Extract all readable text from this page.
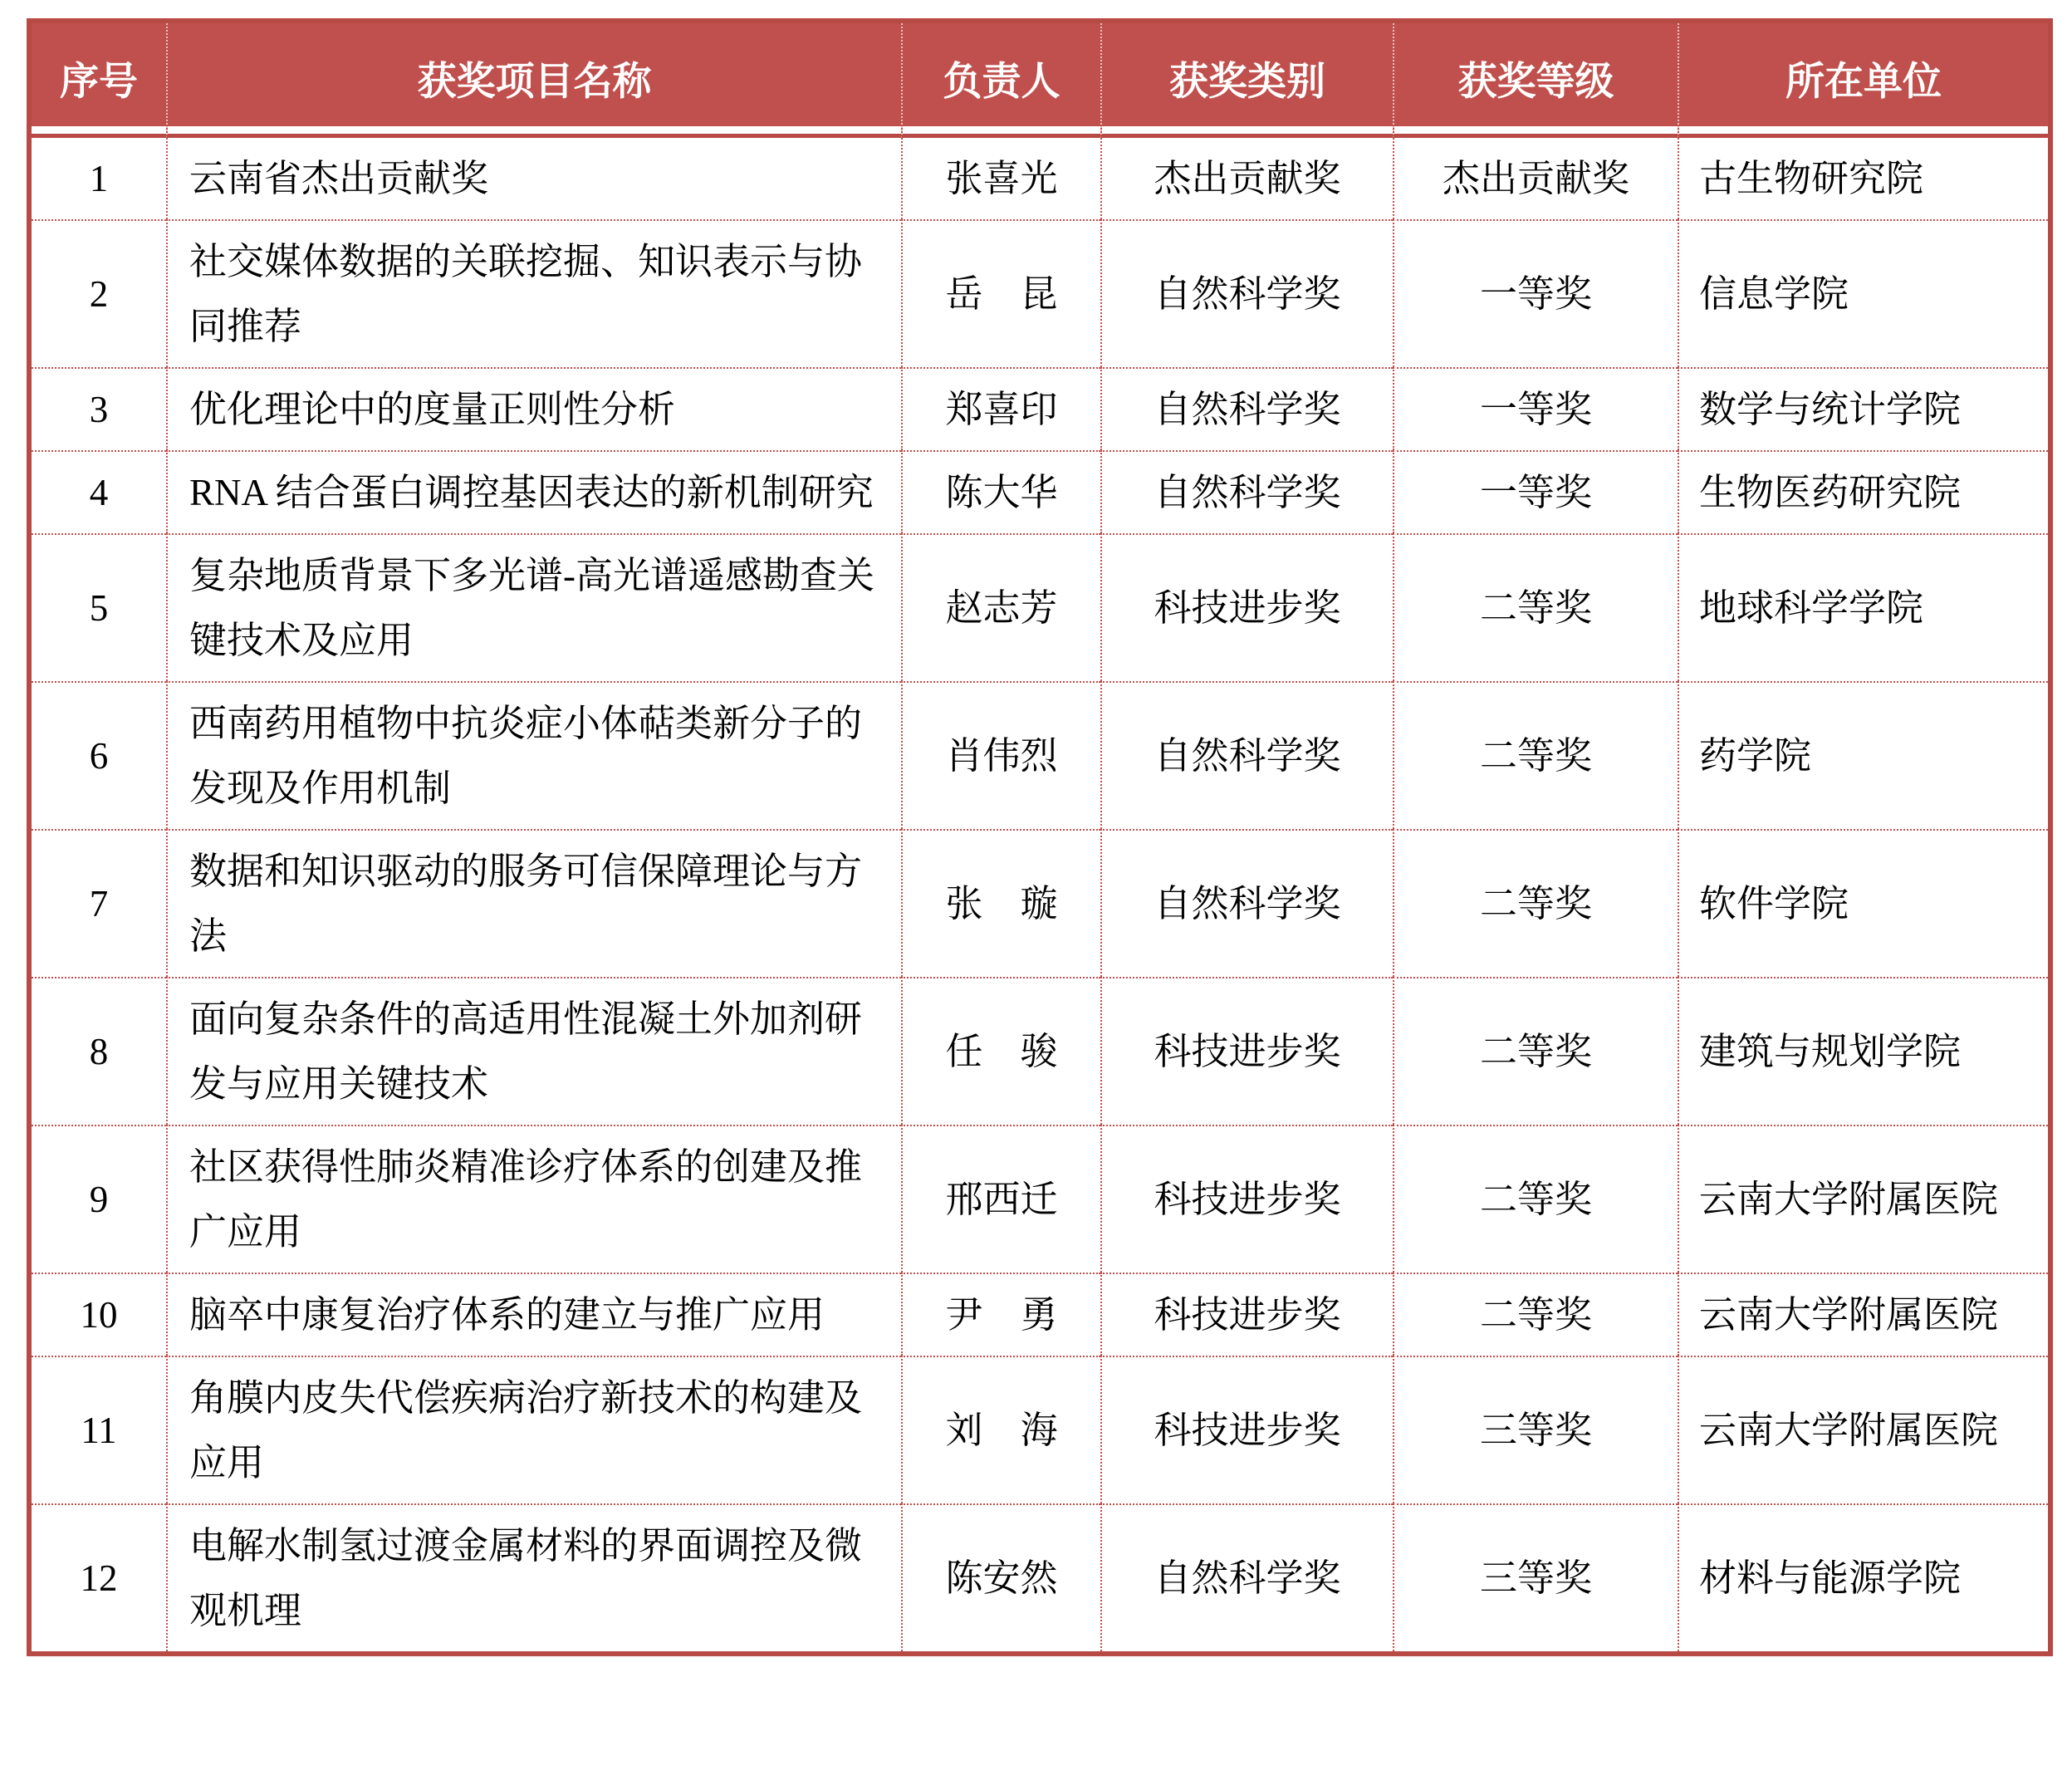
序号	获奖项目名称	负责人	获奖类别	获奖等级	所在单位
1	云南省杰出贡献奖	张喜光	杰出贡献奖	杰出贡献奖	古生物研究院
2	社交媒体数据的关联挖掘、知识表示与协同推荐	岳　昆	自然科学奖	一等奖	信息学院
3	优化理论中的度量正则性分析	郑喜印	自然科学奖	一等奖	数学与统计学院
4	RNA 结合蛋白调控基因表达的新机制研究	陈大华	自然科学奖	一等奖	生物医药研究院
5	复杂地质背景下多光谱-高光谱遥感勘查关键技术及应用	赵志芳	科技进步奖	二等奖	地球科学学院
6	西南药用植物中抗炎症小体萜类新分子的发现及作用机制	肖伟烈	自然科学奖	二等奖	药学院
7	数据和知识驱动的服务可信保障理论与方法	张　璇	自然科学奖	二等奖	软件学院
8	面向复杂条件的高适用性混凝土外加剂研发与应用关键技术	任　骏	科技进步奖	二等奖	建筑与规划学院
9	社区获得性肺炎精准诊疗体系的创建及推广应用	邢西迁	科技进步奖	二等奖	云南大学附属医院
10	脑卒中康复治疗体系的建立与推广应用	尹　勇	科技进步奖	二等奖	云南大学附属医院
11	角膜内皮失代偿疾病治疗新技术的构建及应用	刘　海	科技进步奖	三等奖	云南大学附属医院
12	电解水制氢过渡金属材料的界面调控及微观机理	陈安然	自然科学奖	三等奖	材料与能源学院
